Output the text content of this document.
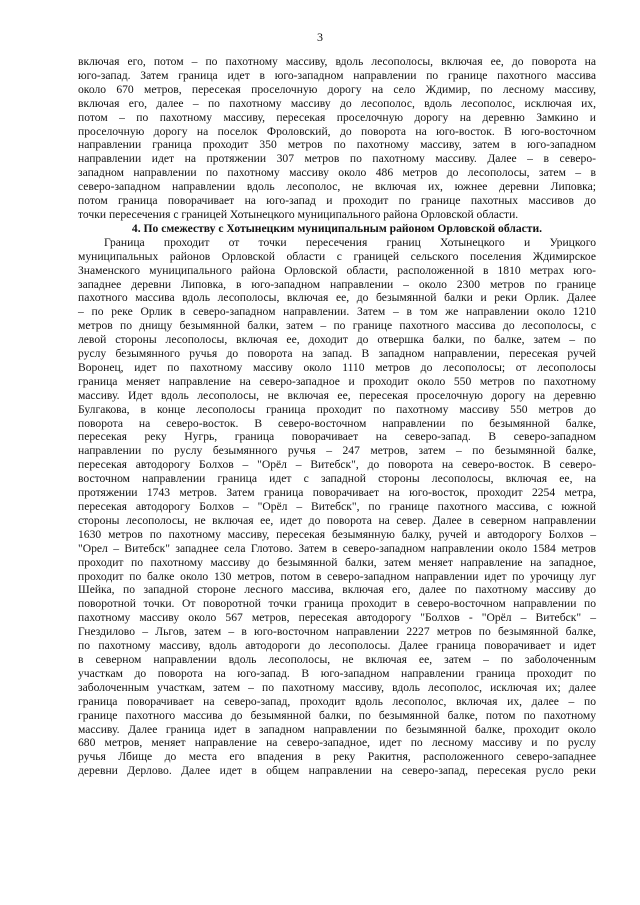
3
включая его, потом – по пахотному массиву, вдоль лесополосы, включая ее, до поворота на
юго-запад. Затем граница идет в юго-западном направлении по границе пахотного массива
около 670 метров, пересекая проселочную дорогу на село Ждимир, по лесному массиву,
включая его, далее – по пахотному массиву до лесополос, вдоль лесополос, исключая их,
потом – по пахотному массиву, пересекая проселочную дорогу на деревню Замкино и
проселочную дорогу на поселок Фроловский, до поворота на юго-восток. В юго-восточном
направлении граница проходит 350 метров по пахотному массиву, затем в юго-западном
направлении идет на протяжении 307 метров по пахотному массиву. Далее – в северо-
западном направлении по пахотному массиву около 486 метров до лесополосы, затем – в
северо-западном направлении вдоль лесополос, не включая их, южнее деревни Липовка;
потом граница поворачивает на юго-запад и проходит по границе пахотных массивов до
точки пересечения с границей Хотынецкого муниципального района Орловской области.
4. По смежеству с Хотынецким муниципальным районом Орловской области.
Граница проходит от точки пересечения границ Хотынецкого и Урицкого
муниципальных районов Орловской области с границей сельского поселения Ждимирское
Знаменского муниципального района Орловской области, расположенной в 1810 метрах юго-
западнее деревни Липовка, в юго-западном направлении – около 2300 метров по границе
пахотного массива вдоль лесополосы, включая ее, до безымянной балки и реки Орлик. Далее
– по реке Орлик в северо-западном направлении. Затем – в том же направлении около 1210
метров по днищу безымянной балки, затем – по границе пахотного массива до лесополосы, с
левой стороны лесополосы, включая ее, доходит до отвершка балки, по балке, затем – по
руслу безымянного ручья до поворота на запад. В западном направлении, пересекая ручей
Воронец, идет по пахотному массиву около 1110 метров до лесополосы; от лесополосы
граница меняет направление на северо-западное и проходит около 550 метров по пахотному
массиву. Идет вдоль лесополосы, не включая ее, пересекая проселочную дорогу на деревню
Булгакова, в конце лесополосы граница проходит по пахотному массиву 550 метров до
поворота на северо-восток. В северо-восточном направлении по безымянной балке,
пересекая реку Нугрь, граница поворачивает на северо-запад. В северо-западном
направлении по руслу безымянного ручья – 247 метров, затем – по безымянной балке,
пересекая автодорогу Болхов – "Орёл – Витебск", до поворота на северо-восток. В северо-
восточном направлении граница идет с западной стороны лесополосы, включая ее, на
протяжении 1743 метров. Затем граница поворачивает на юго-восток, проходит 2254 метра,
пересекая автодорогу Болхов – "Орёл – Витебск", по границе пахотного массива, с южной
стороны лесополосы, не включая ее, идет до поворота на север. Далее в северном направлении
1630 метров по пахотному массиву, пересекая безымянную балку, ручей и автодорогу Болхов –
"Орел – Витебск" западнее села Глотово. Затем в северо-западном направлении около 1584 метров
проходит по пахотному массиву до безымянной балки, затем меняет направление на западное,
проходит по балке около 130 метров, потом в северо-западном направлении идет по урочищу луг
Шейка, по западной стороне лесного массива, включая его, далее по пахотному массиву до
поворотной точки. От поворотной точки граница проходит в северо-восточном направлении по
пахотному массиву около 567 метров, пересекая автодорогу "Болхов - "Орёл – Витебск" –
Гнездилово – Льгов, затем – в юго-восточном направлении 2227 метров по безымянной балке,
по пахотному массиву, вдоль автодороги до лесополосы. Далее граница поворачивает и идет
в северном направлении вдоль лесополосы, не включая ее, затем – по заболоченным
участкам до поворота на юго-запад. В юго-западном направлении граница проходит по
заболоченным участкам, затем – по пахотному массиву, вдоль лесополос, исключая их; далее
граница поворачивает на северо-запад, проходит вдоль лесополос, включая их, далее – по
границе пахотного массива до безымянной балки, по безымянной балке, потом по пахотному
массиву. Далее граница идет в западном направлении по безымянной балке, проходит около
680 метров, меняет направление на северо-западное, идет по лесному массиву и по руслу
ручья Лбище до места его впадения в реку Ракитня, расположенного северо-западнее
деревни Дерлово. Далее идет в общем направлении на северо-запад, пересекая русло реки
